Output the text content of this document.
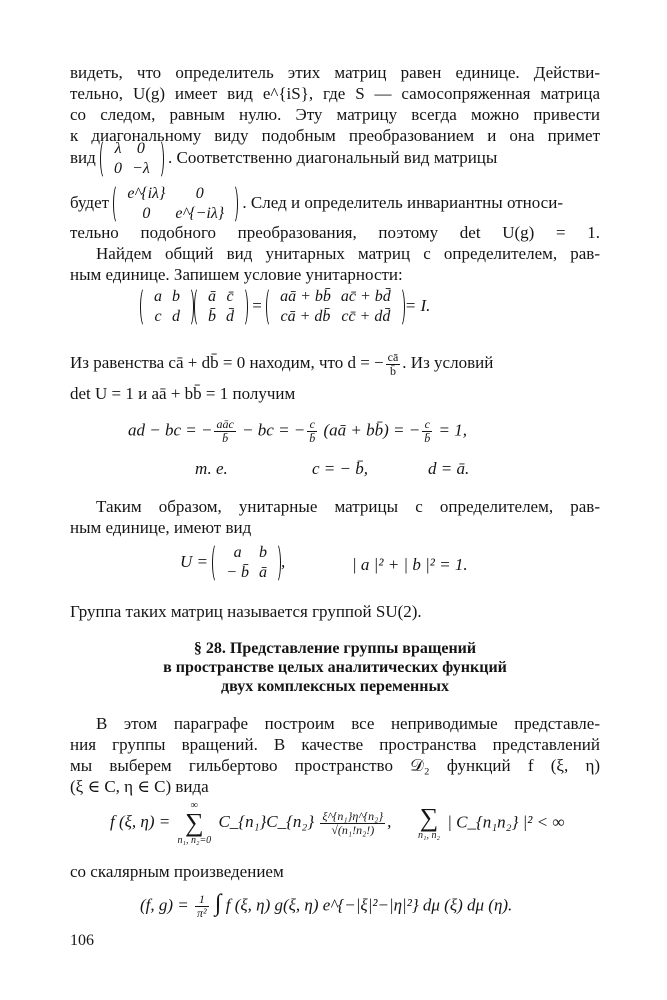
видеть, что определитель этих матриц равен единице. Действи-
тельно, U(g) имеет вид e^{iS}, где S — самосопряженная матрица
со следом, равным нулю. Эту матрицу всегда можно привести
к диагональному виду подобным преобразованием и она примет
вид λ	0
0	−λ
. Соответственно диагональный вид матрицы
будет e^{iλ}	0
0	e^{−iλ}
. След и определитель инвариантны относи-
тельно подобного преобразования, поэтому det U(g) = 1.
Найдем общий вид унитарных матриц с определителем, рав-
ным единице. Запишем условие унитарности:
a	b
c	d
ā	c̄
b̄	d̄
= aā + bb̄	ac̄ + bd̄
cā + db̄	cc̄ + dd̄
= I.
Из равенства cā + db̄ = 0 находим, что d = − $\frac{cā}{b̄}$ . Из условий
det U = 1 и aā + bb̄ = 1 получим
ad − bc = − $\frac{\text{aāc}}{b̄}$ − bc = − $\frac{c}{b̄}$ (aā + bb̄) = − $\frac{c}{b̄} = 1$,
т. е.	c = − b̄,	d = ā.
Таким образом, унитарные матрицы с определителем, рав-
ным единице, имеют вид
U = a	b
− b̄	ā
,	| a |² + | b |² = 1.
Группа таких матриц называется группой SU(2).
§ 28. Представление группы вращений
в пространстве целых аналитических функций
двух комплексных переменных
В этом параграфе построим все неприводимые представле-
ния группы вращений. В качестве пространства представлений
мы выберем гильбертово пространство 𝒟₂ функций f (ξ, η)
(ξ ∈ C, η ∈ C) вида
f (ξ, η) =
∞
∑
n₁, n₂=0
C_{n₁}C_{n₂} $\frac{\text{ξ\textasciicircum{}\{n₁\}η\textasciicircum{}\{n₂\}}}{\text{√(n₁!n₂!)}}$ , ∑
n₁, n₂
| C_{n₁n₂} |² < ∞
со скалярным произведением
(f, $g) = \frac{1}{\text{π²}}$ ∫ f (ξ, η) g(ξ, η) e^{−|ξ|²−|η|²} dμ (ξ) dμ (η).
106
